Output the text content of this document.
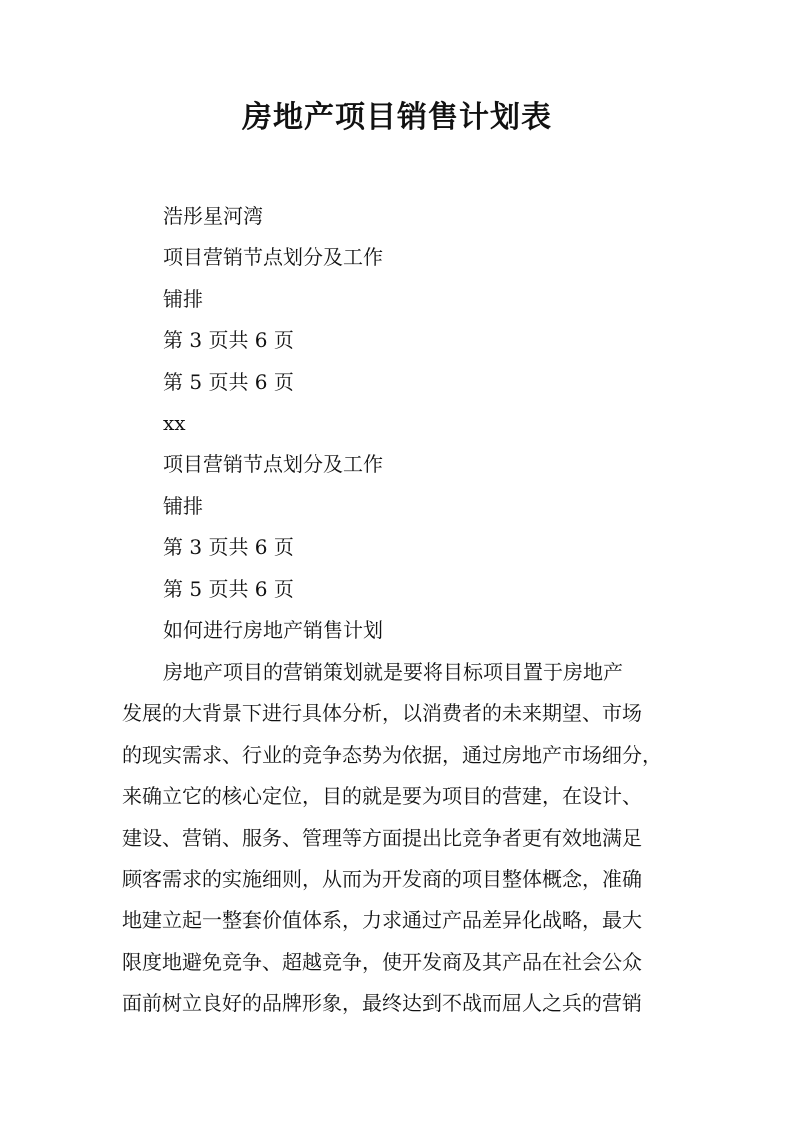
房地产项目销售计划表
浩彤星河湾
项目营销节点划分及工作
铺排
第 3 页共 6 页
第 5 页共 6 页
xx
项目营销节点划分及工作
铺排
第 3 页共 6 页
第 5 页共 6 页
如何进行房地产销售计划
房地产项目的营销策划就是要将目标项目置于房地产
发展的大背景下进行具体分析，以消费者的未来期望、市场
的现实需求、行业的竞争态势为依据，通过房地产市场细分，
来确立它的核心定位，目的就是要为项目的营建，在设计、
建设、营销、服务、管理等方面提出比竞争者更有效地满足
顾客需求的实施细则，从而为开发商的项目整体概念，准确
地建立起一整套价值体系，力求通过产品差异化战略，最大
限度地避免竞争、超越竞争，使开发商及其产品在社会公众
面前树立良好的品牌形象，最终达到不战而屈人之兵的营销
